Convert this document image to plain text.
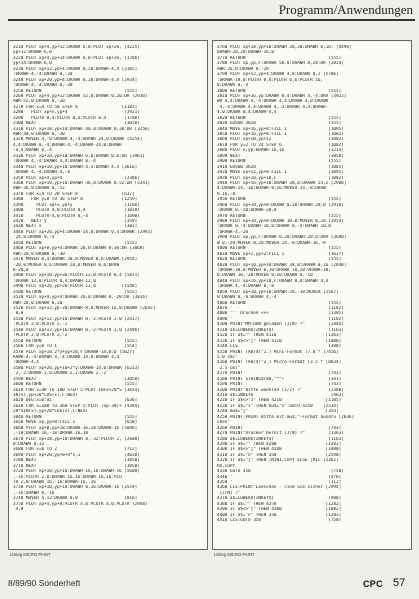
Programm/Anwendungen
3210 PLOT xp+4,yp+12:DRAWR 6,0:PLOT xp+26, [4225]
yp+12:DRAWR-6,0
3220 PLOT xp+4,yp+14:DRAWR 6,0:PLOT xp+26, [3786]
yp+14:DRAWR-6,0
3230 PLOT xp+12,yp+4:DRAWR 0,20:DRAWR-4,4 [3185]
:DRAWR-4,-4:DRAWR 0,-20
3240 PLOT xp+20,yp+4:DRAWR 0,20:DRAWR-4,4 [2934]
:DRAWR-4,-4:DRAWR 0,-20
3250 RETURN                                [555]
3260 PLOT xp+4,yp+12:DRAWR 52,0:DRAWR 0,20:DR [2930]
AWR-52,0:DRAWR 0,-20
3270 FOR x=4 TO 50 STEP 8                 [1182]
3280   PLOT xp+x,yp+4                      [3921]
3290   PLOTR 0,4:PLOTR 0,4:PLOTR 0,4       [1708]
3300 NEXT                                  [3050]
3310 PLOT xp+10,yp+10:DRAWR 40,0:DRAWR 0,30:DR [3256]
AWR-40,0:DRAWR 0,-30
3320 MOVER 4,-8:DRAWR 4,-4:DRAWR 24,0:DRAWR [4254]
4,4:DRAWR 0,-4:DRAWR-4,-4:DRAWR-24,0:DRAWR
-4,4:DRAWR 0,-4
3330 PLOT xp+10,yp+10:DRAWR 6,0:DRAWR 0,6:DR [3961]
:DRAWR 4,-4:DRAWR 4,4:DRAWR 0,-4
3340 PLOT xp+10,yp+10:DRAWR-4,4:DRAWR 4,4 [3616]
:DRAWR 4,-4:DRAWR-4,-4
3350 PLOT xp+4,yp+4                        [2386]
3360 PLOT xp+10,yp+10:DRAWR 36,0:DRAWR 0,52:DR [3341]
AWR-36,0:DRAWR 0,-52
3370 FOR x=4 TO 28 STEP 8                 [637]
3380   FOR y=8 TO 36 STEP 8               [1259]
3390     PLOT xp+x,yp+y                    [1766]
3400     PLOTR 4,0:PLOTR 0,4               [1828]
3410     PLOTR-4,0:PLOTR 0,-4              [1690]
3420   NEXT y                              [359]
3430 NEXT x                                [382]
3440 PLOT xp+20,yp+4:DRAWR-24,0:DRAWR 0,4:DRAWR [2995]
24,0:DRAWR 0,-4
3450 RETURN                                [555]
3460 PLOT xp+8,yp+4:DRAWR 20,0:DRAWR 0,30:DR [3060]
AWR-20,0:DRAWR 0,-30
3470 MOVER 0,4:DRAWR 20,0:MOVER 0,6:DRAWR [2954]
-20,0:MOVER 0,6:DRAWR 20,0:MOVER 0,6:DRAW
R-20,0
3480 PLOT xp+10,yp+36:PLOTR-12,0:PLOTR 0,4 [5871]
:DRAWR 12,0:PLOTR 0,4:DRAWR-12,0
3490 PLOT xp+26,yp+26:PLOTR 12,0          [1548]
3500 RETURN                                [555]
3510 PLOT xp+4,yp+4:DRAWR 20,0:DRAWR 0,-20:DR [3016]
AWR-20,0:DRAWR 0,20
3520 PLOT xp+12,yp-20:DRAWR-8,0:MOVER 16,0:DRAWR [2692]
8,0
3530 PLOT xp+12,yp+10:DRAWR 0,-2:PLOTR 2,0 [2417]
:PLOTR 2,0:PLOTR 2,-2
3540 PLOT xp+12,yp+16:DRAWR 0,-2:PLOTR 2,0 [2496]
:PLOTR 2,0:PLOTR 2,-2
3550 RETURN                                [555]
3560 FOR y=0 TO 1                          [554]
3570 PLOT xp+18,2*y+yp+20,F:DRAWR-14,0:D [5827]
RAWR-4,-4:DRAWR 4,-4:DRAWR 14,0:DRAWR 4,4
:DRAWR-4,4
3580 PLOT xp+20,yp+10+2*y:DRAWR-14,0:DRAWR [6213]
2,-2:DRAWR 2,0:DRAWR 2,2:DRAWR 2,-2
3590 NEXT                                  [3050]
3600 RETURN                                [555]
3610 FOR x=40 TO 180 STEP 5:PLOT 10+x+20*S [3654]
IN(x),yp+20*COS(x),F:NEXT
3620 DEG:x=0:d1                            [636]
3630 FOR x=180 TO 360 STEP 5:PLOT (xp-30)+ [4394]
20*SIN(x),yp+20*COS(x),F:NEXT
3640 RETURN                                [555]
3650 MOVE xp,yp+8:FILL 1                   [658]
3660 PLOT xp+8,yp+18:DRAWR-16,18:DRAWR-16 [5898]
,-18:DRAWR 16,-18:DRAWR 16,18
3670 PLOT xp+18,yp+18:DRAWR 0,-32:PLOTR 2, [2608]
0:DRAWR 0,32
3680 FOR x=0 TO 2                          [712]
3690 PLOT xp+20,yp+8+4*x,1                 [4038]
3700 NEXT                                  [3050]
3710 NEXT                                  [3050]
3720 PLOT xp+10,yp+10:DRAWR-16,16:DRAWR-16 [5608]
,-16:PLOTR 2,0:DRAWR 16,16:DRAWR 16,16:PLO
TR 2,0:DRAWR 16,-16:DRAWR-16,-16
3730 PLOT xp+10,yp+10:DRAWR 0,16:DRAWR-16 [3559]
,-16:DRAWR 0,-16
3740 MOVER 4,12:DRAWR 8,0                  [816]
3750 PLOT xp+4,yp+8:PLOTR 4,0:PLOTR 4,0:PLOTR [2948]
4,0
Listing MICRO PAINT
3760 PLOT xp+18,yp+18:DRAWR 20,20:DRAWR 0,16: [4498]
DRAWR-20,20:DRAWR-16,0
3770 RETURN                                [555]
3780 PLOT xp,yp,F:DRAWR 50,0:DRAWR 0,28:DR [2824]
AWR-26,0:DRAWR 0,-28
3790 PLOT xp+12,yp+4:DRAWR 4,0:DRAWR 0,2 [5786]
:DRAWR-18,0:PLOTR 0,4:PLOTR 6,6:PLOTR 16,
0:DRAWR 0,-4
3800 RETURN                                [555]
3810 PLOT xp+16,yp:DRAWR 8,4:DRAWR 4,-4:DRA [3922]
WR 4,4:DRAWR 4,-4:DRAWR 4,4:DRAWR 4,0:DRAWR
4,-4:DRAWR 4,4:DRAWR 4,-4:DRAWR 4,4:DRAWR-
4,0:DRAWR 0,4:DRAWR-4,4
3820 RETURN                                [555]
3830 GOSUB 3820                            [555]
3840 MOVE xp+16,yp+8:FILL 1                [1095]
3850 PLOT xp+16,yp+8:FILL 1                [1082]
3860 PLOT xp+10,yp+12                      [1082]
3870 FOR y=2 TO 24 STEP 6                  [1002]
3880 PLOT x,yp:DRAWR-16,16                 [1214]
3890 NEXT                                  [3050]
3900 RETURN                                [555]
3910 GOSUB 3820                            [1005]
3920 MOVE xp+12,yp+8:FILL 1                [1095]
3930 PLOT xp+10,yp+18,F                    [1082]
3940 PLOT xp+16,yp+10:DRAWR 28,0:DRAWR 24,2 [2988]
4:DRAWR-24,-16:DRAWR-8,16:MOVER 24,-8:DRAW
R-16,-8
3950 RETURN                                [555]
3960 PLOT xp+18,yp+8:DRAWR 0,20:DRAWR 20,0 [2918]
:DRAWR 0,-20:DRAWR-20,0
3970 RETURN                                [555]
3980 PLOT xp+10,yp+8:DRAWR 10,0:MOVER 0,20 [2954]
:DRAWR 0,-4:DRAWR-10,0:DRAWR 0,-4:DRAWR 10,0
:DRAWR-4,-20
3990 PLOT xp,yp,F:DRAWR 0,20:DRAWR 20,0:DRA [3690]
W 0,-20:MOVER 0,20:MOVER 24,-8:DRAWR-16,-8
4000 RETURN                                [555]
4010 MOVE xp+2,yp+2:FILL 1                 [1627]
4020 RETURN                                [555]
4030 PLOT xp+10,yp+10:DRAWR 30,0:DRAWR 0,16 [2648]
:DRAWR-30,0:MOVER 0,10:DRAWR 10,20:DRAWR-30,
0:DRAWR 10,-20:MOVER 0,10:DRAWR 0,-10
4040 PLOT xp+16,yp+10,F:DRAWR 0,8:DRAWR 4,4
:DRAWR 4,-4:DRAWR 0,-8
4050 PLOT xp+10,yp+10:DRAWR-20,-10:MOVER [2567]
0:DRAWR 0,-8:DRAWR 4,-4
4060 RETURN                                [555]
4070 '                                     [1182]
4080 ''' Drucken <<<                       [1305]
4090 '                                     [1182]
4100 PRINT"MM-DOW geladen (J/N) ?"         [2444]
4110 a$=LOWER$(INKEY$)                     [1163]
4120 IF a$="" THEN 4110                   [1363]
4130 IF a$<>"j" THEN 4110                 [1880]
4140 CLS                                   [388]
4150 PRINT TAB(4)"1.) Mini-Format (7.0 * [7456]
5.0 cm)"
4160 PRINT TAB(4)"2.) Micro-Format (3.5 * [8034]
2.5 cm)"
4170 PRINT                                 [743]
4180 PRINT STRING$(80,"*")                 [341]
4190 PRINT                                 [743]
4200 PRINT"Bitte waehlen (1/2) ?"          [2388]
4210 a$=INKEY$                              [463]
4220 IF a$<>"1" THEN 4210                 [1185]
4230 IF a$="1" THEN mu$="n":GOTO 4250    [2534]
4240 mu$="j"                              [354]
4250 PRINT:PRINT Bitte mit mu$;"-Format ausdru [2836]
cken"
4260 PRINT                                 [743]
4270 PRINT"Drucker bereit (J/N) ?"         [1363]
4280 a$=LOWER$(INKEY$)                     [1163]
4290 IF a$="" THEN 4280                   [1282]
4300 IF a$<>"j" THEN 4280                 [1880]
4310 IF a$="n" THEN 350                   [2598]
4320 IF a$="j" THEN |MINI,COPY ELSE |MIC [2362]
RO,COPY
4330 GOTO 350                               [750]
4340 '                                     [470]
4350 '                                     [112]
4360 CLS:PRINT"Loeschen - sind Sie sicher [2994]
(J/N) ?"
4370 a$=LOWER$(INKEY$)                     [980]
4380 IF a$="" THEN 4370                   [1282]
4390 IF a$<>"j" THEN 4380                 [1882]
4400 IF a$="n" THEN 350                   [1283]
4410 CLS:GOTO 350                          [750]
Listing MICRO PAINT
8/89/90 Sonderheft	CPC 57
